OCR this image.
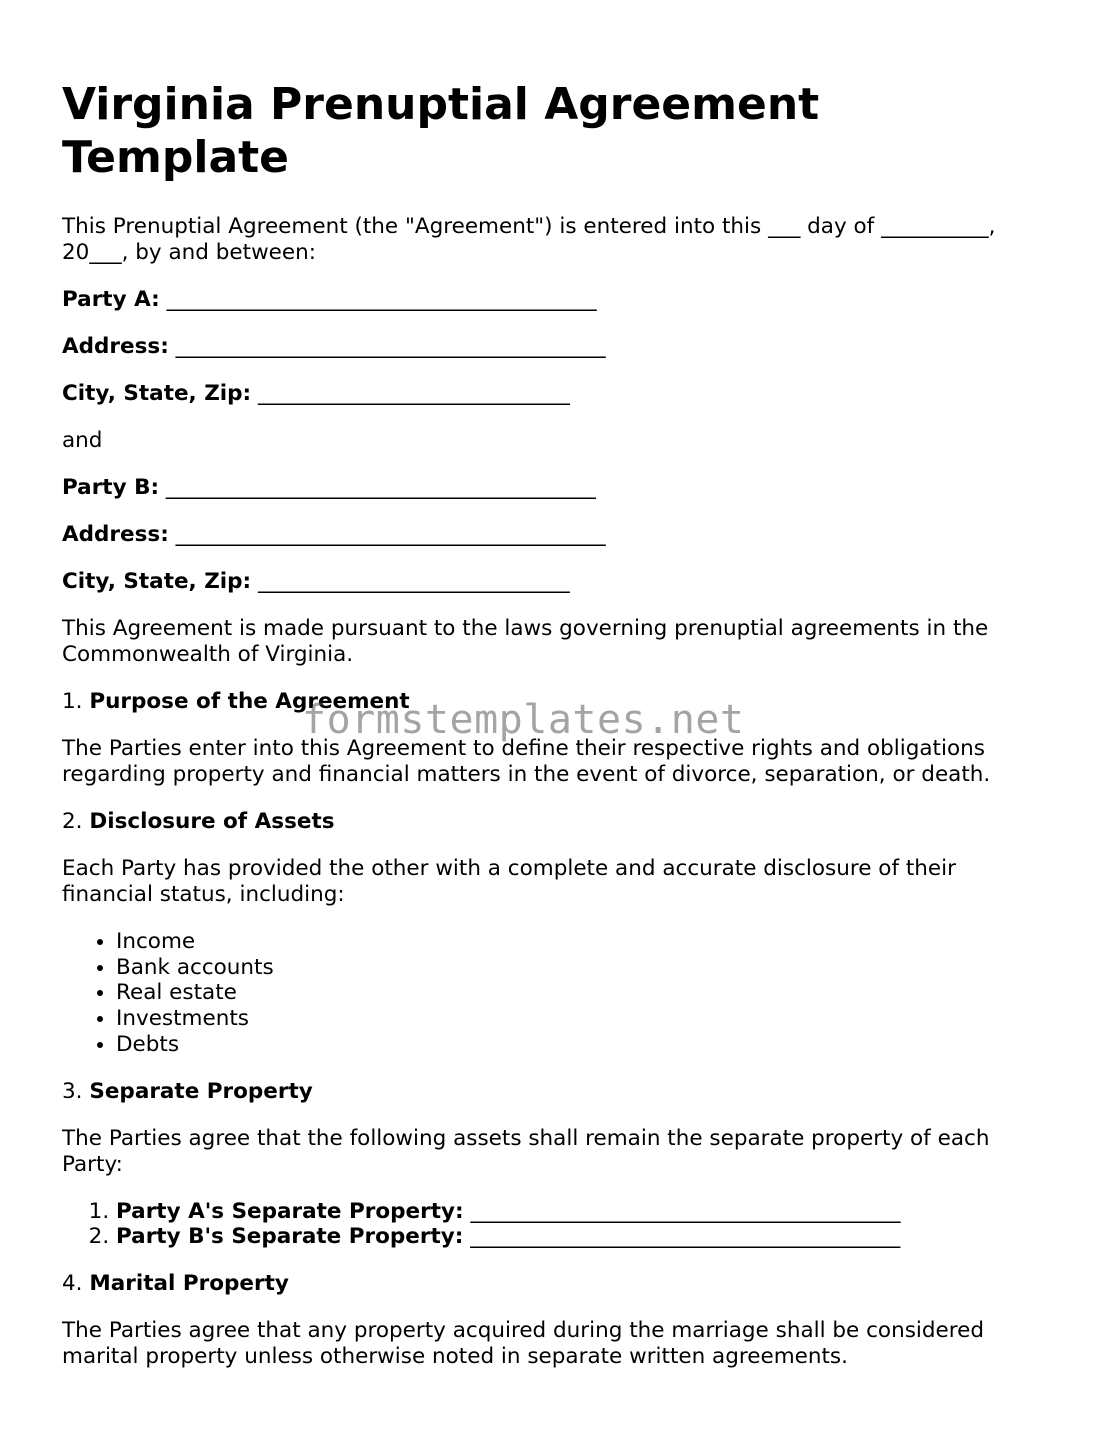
Virginia Prenuptial Agreement Template

This Prenuptial Agreement (the "Agreement") is entered into this ___ day of __________, 20___, by and between:

Party A: ________________________________________

Address: ________________________________________

City, State, Zip: _____________________________

and

Party B: ________________________________________

Address: ________________________________________

City, State, Zip: _____________________________

This Agreement is made pursuant to the laws governing prenuptial agreements in the Commonwealth of Virginia.

1. Purpose of the Agreement

The Parties enter into this Agreement to define their respective rights and obligations regarding property and financial matters in the event of divorce, separation, or death.

2. Disclosure of Assets

Each Party has provided the other with a complete and accurate disclosure of their financial status, including:

• Income
• Bank accounts
• Real estate
• Investments
• Debts

3. Separate Property

The Parties agree that the following assets shall remain the separate property of each Party:

1. Party A's Separate Property: ________________________________________
2. Party B's Separate Property: ________________________________________

4. Marital Property

The Parties agree that any property acquired during the marriage shall be considered marital property unless otherwise noted in separate written agreements.

formstemplates.net
